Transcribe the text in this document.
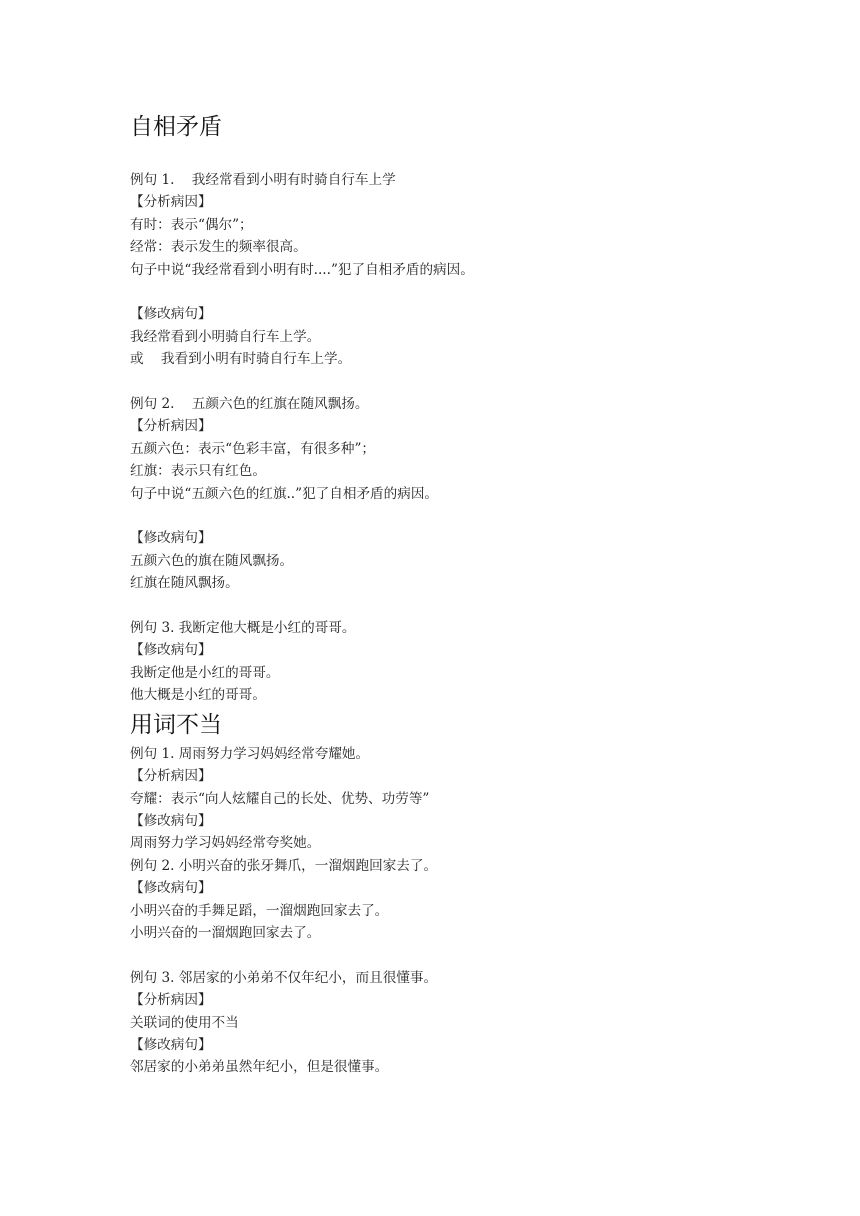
自相矛盾
例句 1.    我经常看到小明有时骑自行车上学
【分析病因】
有时：表示“偶尔”；
经常：表示发生的频率很高。
句子中说“我经常看到小明有时....”犯了自相矛盾的病因。
【修改病句】
我经常看到小明骑自行车上学。
或    我看到小明有时骑自行车上学。
例句 2.    五颜六色的红旗在随风飘扬。
【分析病因】
五颜六色：表示“色彩丰富，有很多种”；
红旗：表示只有红色。
句子中说“五颜六色的红旗..”犯了自相矛盾的病因。
【修改病句】
五颜六色的旗在随风飘扬。
红旗在随风飘扬。
例句 3. 我断定他大概是小红的哥哥。
【修改病句】
我断定他是小红的哥哥。
他大概是小红的哥哥。
用词不当
例句 1. 周雨努力学习妈妈经常夸耀她。
【分析病因】
夸耀：表示“向人炫耀自己的长处、优势、功劳等”
【修改病句】
周雨努力学习妈妈经常夸奖她。
例句 2. 小明兴奋的张牙舞爪，一溜烟跑回家去了。
【修改病句】
小明兴奋的手舞足蹈，一溜烟跑回家去了。
小明兴奋的一溜烟跑回家去了。
例句 3. 邻居家的小弟弟不仅年纪小，而且很懂事。
【分析病因】
关联词的使用不当
【修改病句】
邻居家的小弟弟虽然年纪小，但是很懂事。
